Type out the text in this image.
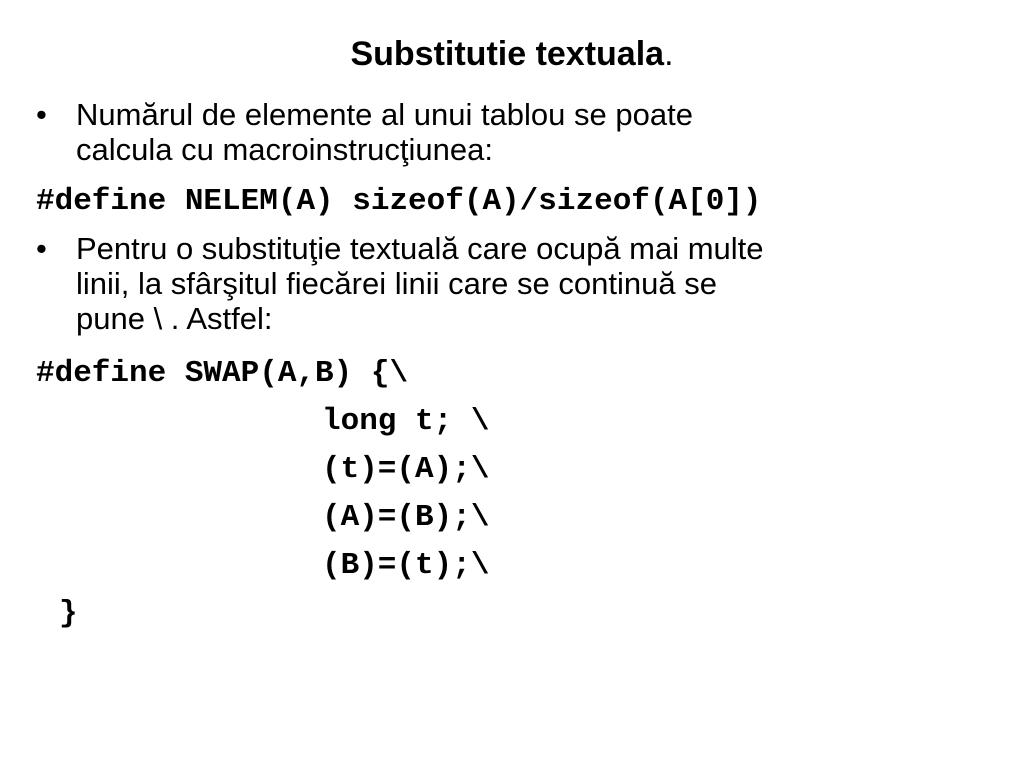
Substitutie textuala.
• Numărul de elemente al unui tablou se poate
calcula cu macroinstrucţiunea:
#define NELEM(A) sizeof(A)/sizeof(A[0])
• Pentru o substituţie textuală care ocupă mai multe
linii, la sfârşitul fiecărei linii care se continuă se
pune \ . Astfel:
#define SWAP(A,B) {\
long t; \
(t)=(A);\
(A)=(B);\
(B)=(t);\
}
